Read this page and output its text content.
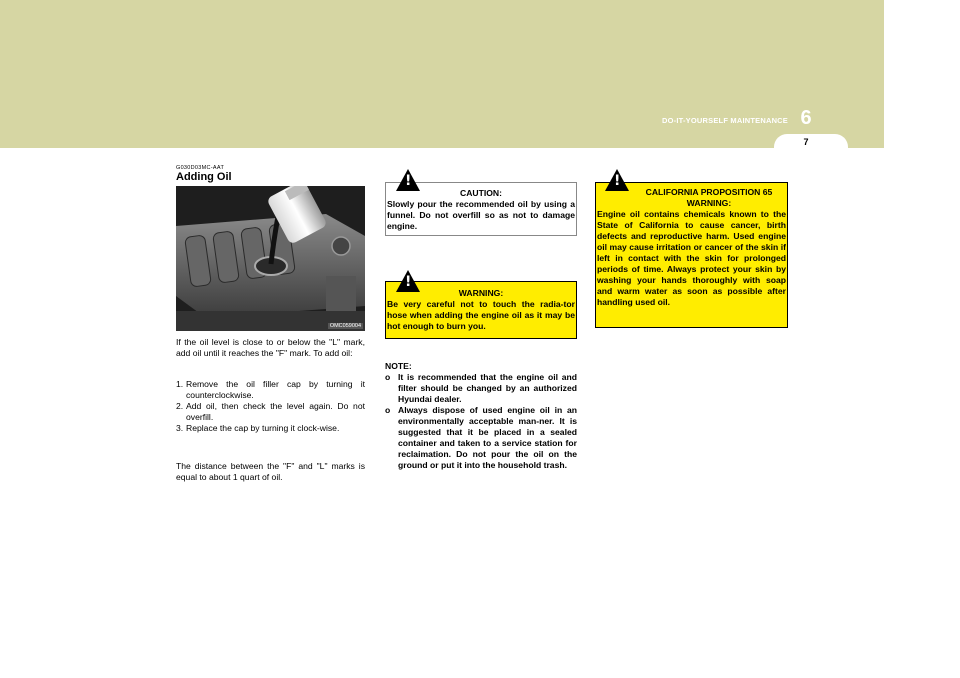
DO-IT-YOURSELF MAINTENANCE 6
7
G030D03MC-AAT
Adding Oil
OMC059004
If the oil level is close to or below the "L" mark, add oil until it reaches the "F" mark. To add oil:
1. Remove the oil filler cap by turning it counterclockwise.
2. Add oil, then check the level again. Do not overfill.
3. Replace the cap by turning it clock-wise.
The distance between the "F" and "L" marks is equal to about 1 quart of oil.
CAUTION:
Slowly pour the recommended oil by using a funnel. Do not overfill so as not to damage engine.
!
WARNING:
Be very careful not to touch the radia-tor hose when adding the engine oil as it may be hot enough to burn you.
!
NOTE:
o It is recommended that the engine oil and filter should be changed by an authorized Hyundai dealer.
o Always dispose of used engine oil in an environmentally acceptable man-ner. It is suggested that it be placed in a sealed container and taken to a service station for reclaimation. Do not pour the oil on the ground or put it into the household trash.
CALIFORNIA PROPOSITION 65
WARNING:
Engine oil contains chemicals known to the State of California to cause cancer, birth defects and reproductive harm. Used engine oil may cause irritation or cancer of the skin if left in contact with the skin for prolonged periods of time. Always protect your skin by washing your hands thoroughly with soap and warm water as soon as possible after handling used oil.
!
